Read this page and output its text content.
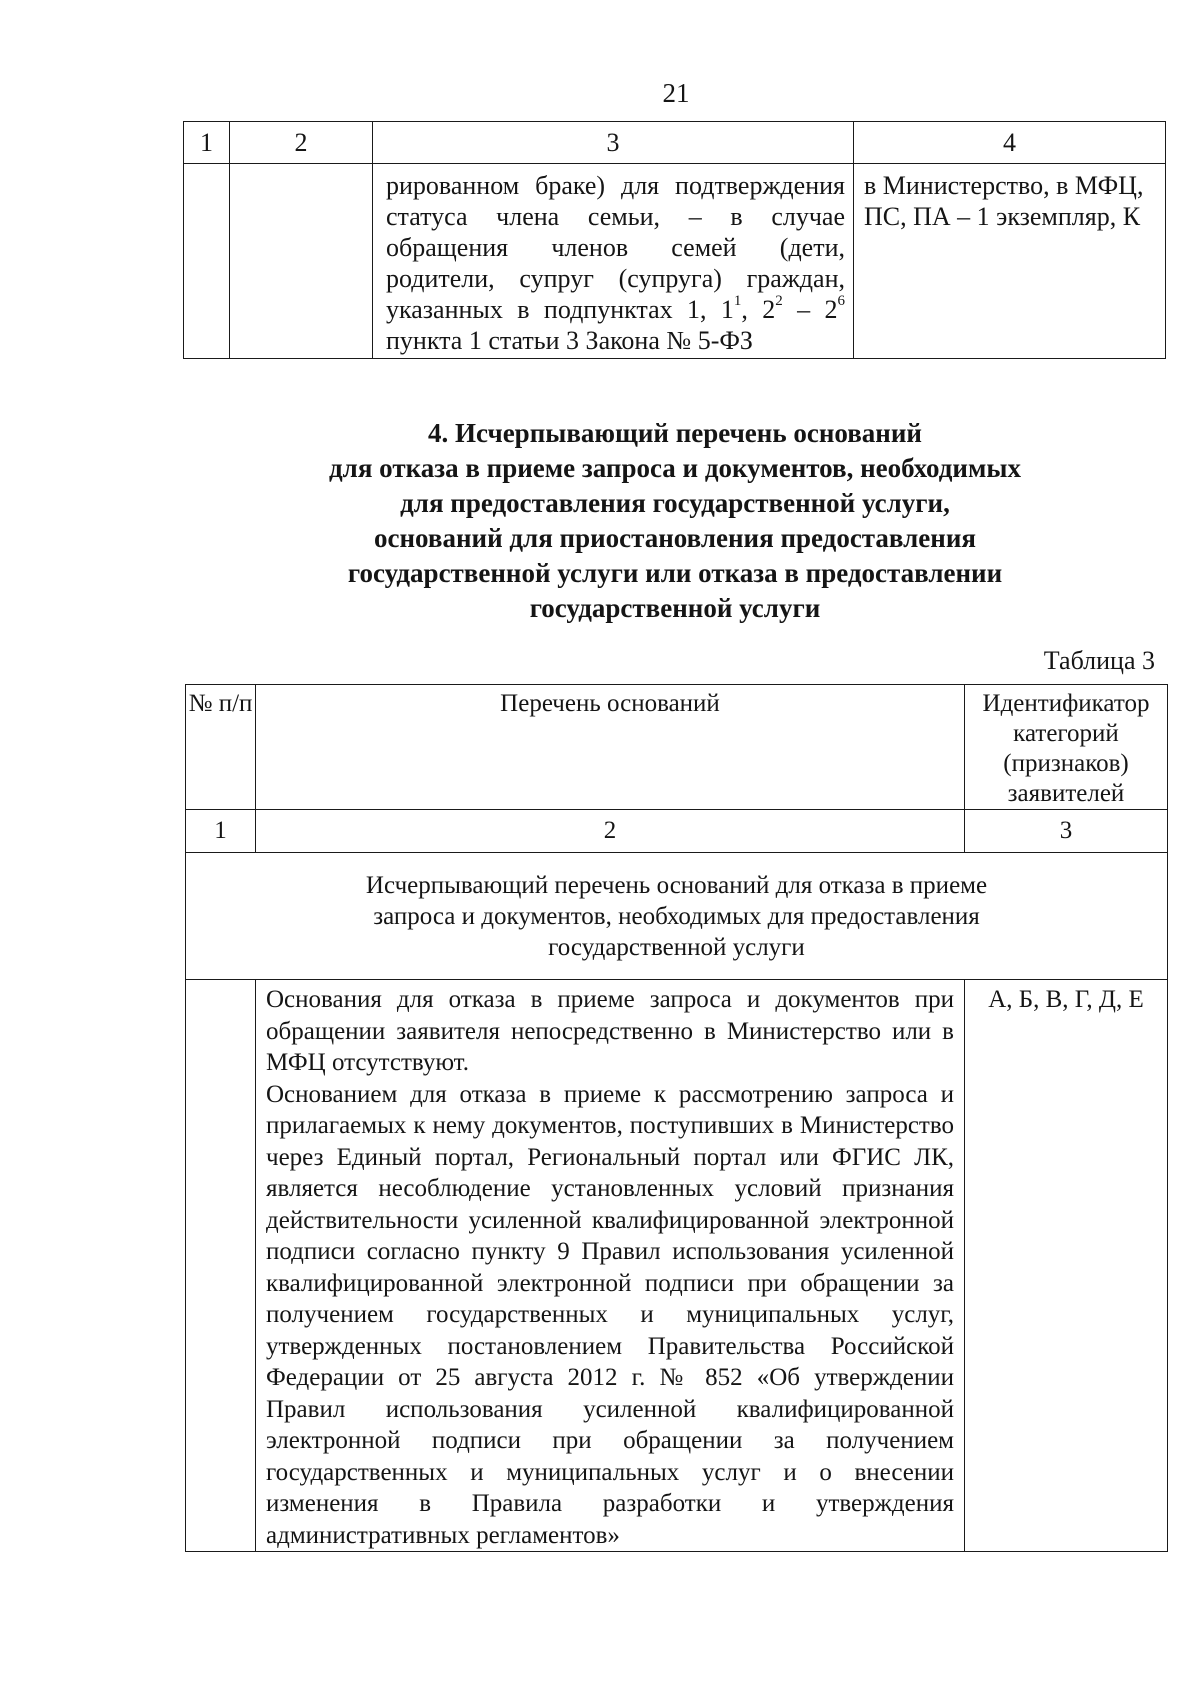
21
1	2	3	4
		рированном браке) для подтверждения статуса члена семьи, – в случае обращения членов семей (дети, родители, супруг (супруга) граждан, указанных в подпунктах 1, $1^1$, $2^2 - 2^6$ пункта 1 статьи 3 Закона № 5-ФЗ	в Министерство, в МФЦ, ПС, ПА – 1 экземпляр, К
4. Исчерпывающий перечень оснований
для отказа в приеме запроса и документов, необходимых
для предоставления государственной услуги,
оснований для приостановления предоставления
государственной услуги или отказа в предоставлении
государственной услуги
Таблица 3
№ п/п	Перечень оснований	Идентификатор категорий (признаков) заявителей
1	2	3

Исчерпывающий перечень оснований для отказа в приеме запроса и документов, необходимых для предоставления государственной услуги		

	Основания для отказа в приеме запроса и документов при обращении заявителя непосредственно в Министерство или в МФЦ отсутствуют.

Основанием для отказа в приеме к рассмотрению запроса и прилагаемых к нему документов, поступивших в Министерство через Единый портал, Региональный портал или ФГИС ЛК, является несоблюдение установленных условий признания действительности усиленной квалифицированной электронной подписи согласно пункту 9 Правил использования усиленной квалифицированной электронной подписи при обращении за получением государственных и муниципальных услуг, утвержденных постановлением Правительства Российской Федерации от 25 августа 2012 г. № 852 «Об утверждении Правил использования усиленной квалифицированной электронной подписи при обращении за получением государственных и муниципальных услуг и о внесении изменения в Правила разработки и утверждения административных регламентов»	А, Б, В, Г, Д, Е
